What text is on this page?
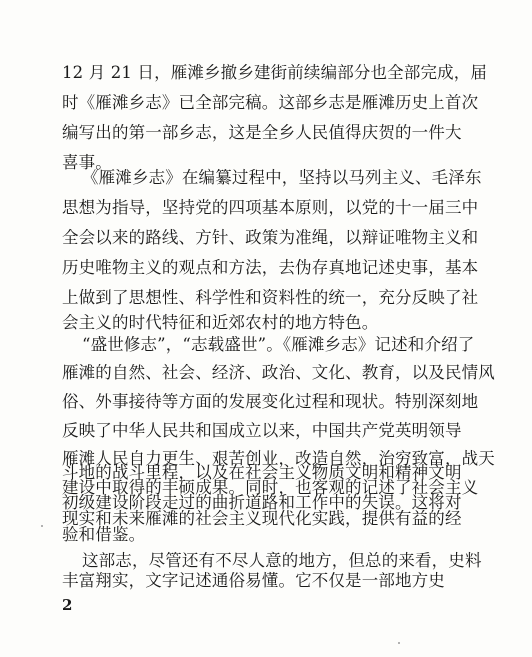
12 月 21 日，雁滩乡撤乡建街前续编部分也全部完成，届
时《雁滩乡志》已全部完稿。这部乡志是雁滩历史上首次
编写出的第一部乡志，这是全乡人民值得庆贺的一件大
喜事。
《雁滩乡志》在编纂过程中，坚持以马列主义、毛泽东
思想为指导，坚持党的四项基本原则，以党的十一届三中
全会以来的路线、方针、政策为准绳，以辩证唯物主义和
历史唯物主义的观点和方法，去伪存真地记述史事，基本
上做到了思想性、科学性和资料性的统一，充分反映了社
会主义的时代特征和近郊农村的地方特色。
“盛世修志”，“志载盛世”。《雁滩乡志》记述和介绍了
雁滩的自然、社会、经济、政治、文化、教育，以及民情风
俗、外事接待等方面的发展变化过程和现状。特别深刻地
反映了中华人民共和国成立以来，中国共产党英明领导
雁滩人民自力更生、艰苦创业，改造自然，治穷致富，战天
斗地的战斗里程，以及在社会主义物质文明和精神文明
建设中取得的丰硕成果。同时，也客观的记述了社会主义
初级建设阶段走过的曲折道路和工作中的失误。这将对
现实和未来雁滩的社会主义现代化实践，提供有益的经
验和借鉴。
这部志，尽管还有不尽人意的地方，但总的来看，史料
丰富翔实，文字记述通俗易懂。它不仅是一部地方史
2
